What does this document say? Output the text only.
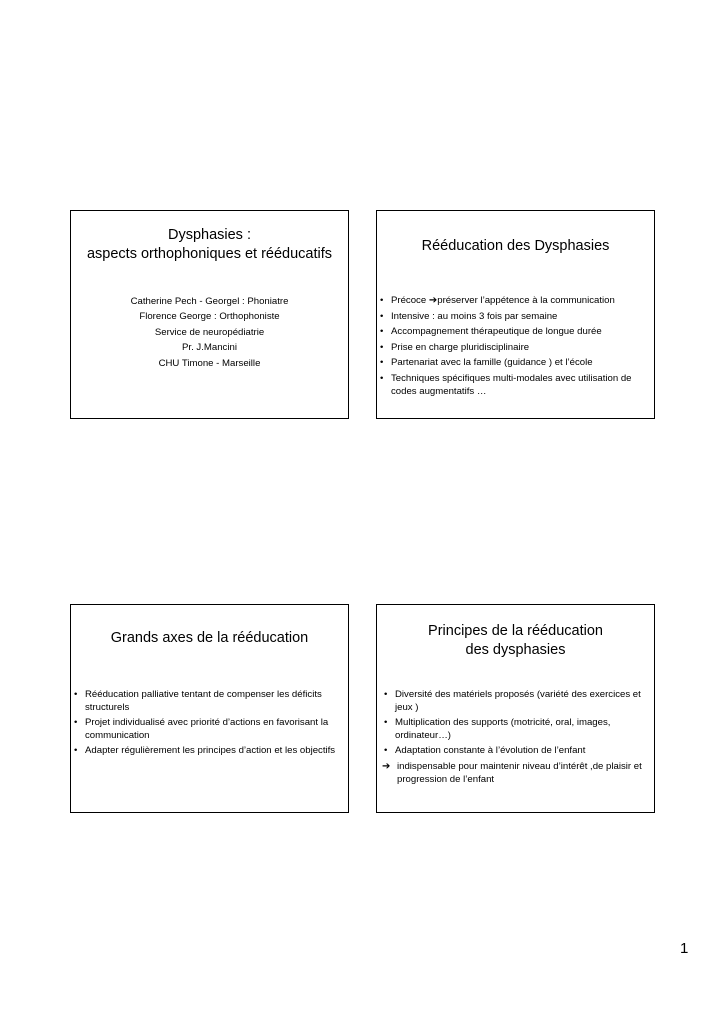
Dysphasies :
aspects orthophoniques et rééducatifs
Catherine Pech - Georgel : Phoniatre
Florence George : Orthophoniste
Service de neuropédiatrie
Pr. J.Mancini
CHU Timone - Marseille
Rééducation des Dysphasies
• Précoce ➔préserver l’appétence à la communication
• Intensive : au moins 3 fois par semaine
• Accompagnement thérapeutique de longue durée
• Prise en charge pluridisciplinaire
• Partenariat avec la famille (guidance ) et l’école
• Techniques spécifiques multi-modales avec utilisation de codes augmentatifs …
Grands axes de la rééducation
• Rééducation palliative tentant de compenser les déficits structurels
• Projet individualisé avec priorité d’actions en favorisant la communication
• Adapter régulièrement les principes d’action et les objectifs
Principes de la rééducation
des dysphasies
• Diversité des matériels proposés (variété des exercices et jeux )
• Multiplication des supports (motricité, oral, images, ordinateur…)
• Adaptation constante à l’évolution de l’enfant
➔ indispensable pour maintenir niveau d’intérêt ,de plaisir et progression de l’enfant
1
